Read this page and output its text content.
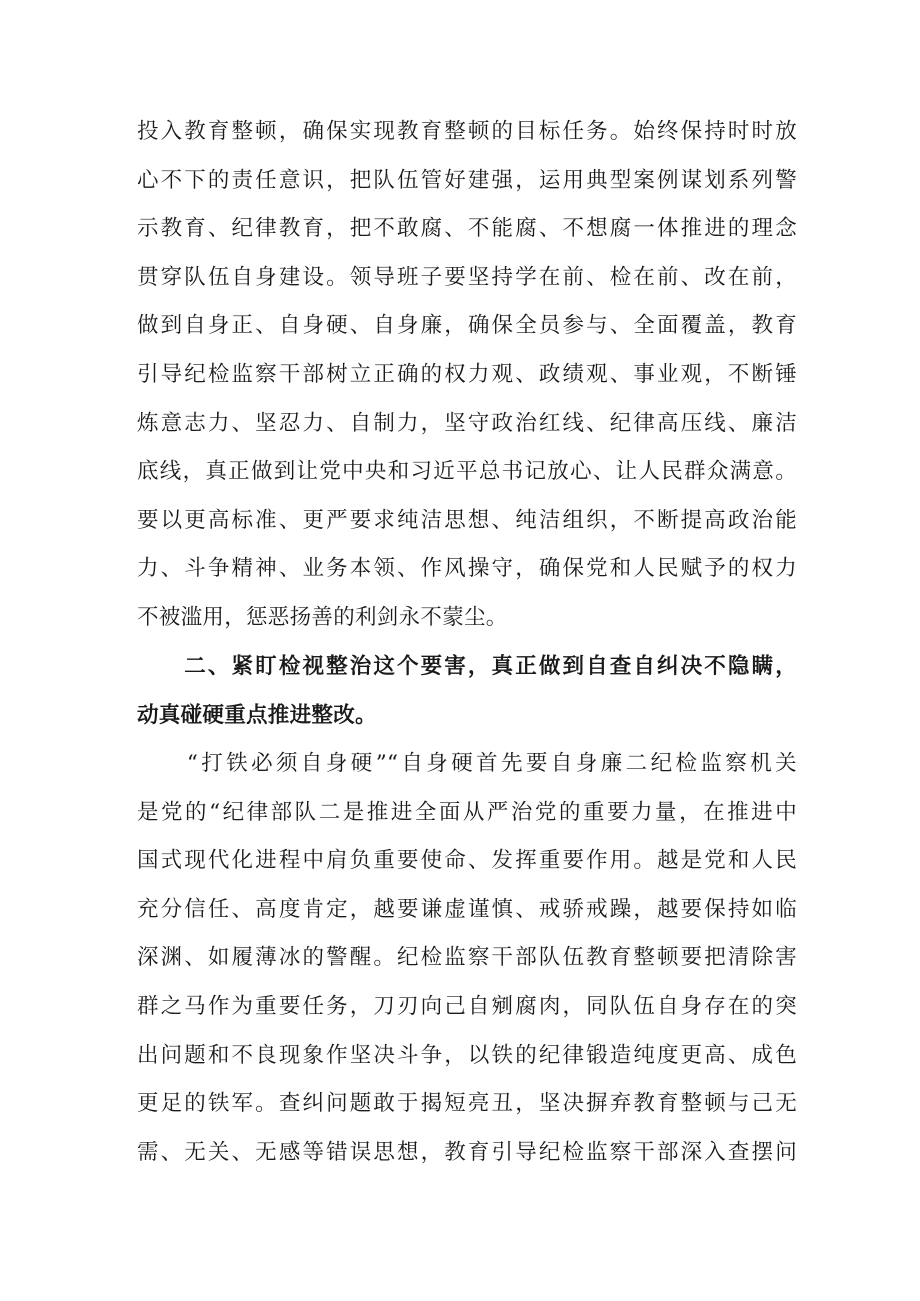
投入教育整顿，确保实现教育整顿的目标任务。始终保持时时放
心不下的责任意识，把队伍管好建强，运用典型案例谋划系列警
示教育、纪律教育，把不敢腐、不能腐、不想腐一体推进的理念
贯穿队伍自身建设。领导班子要坚持学在前、检在前、改在前，
做到自身正、自身硬、自身廉，确保全员参与、全面覆盖，教育
引导纪检监察干部树立正确的权力观、政绩观、事业观，不断锤
炼意志力、坚忍力、自制力，坚守政治红线、纪律高压线、廉洁
底线，真正做到让党中央和习近平总书记放心、让人民群众满意。
要以更高标准、更严要求纯洁思想、纯洁组织，不断提高政治能
力、斗争精神、业务本领、作风操守，确保党和人民赋予的权力
不被滥用，惩恶扬善的利剑永不蒙尘。
　　二、紧盯检视整治这个要害，真正做到自查自纠决不隐瞒，
动真碰硬重点推进整改。
　　“打铁必须自身硬”“自身硬首先要自身廉二纪检监察机关
是党的“纪律部队二是推进全面从严治党的重要力量，在推进中
国式现代化进程中肩负重要使命、发挥重要作用。越是党和人民
充分信任、高度肯定，越要谦虚谨慎、戒骄戒躁，越要保持如临
深渊、如履薄冰的警醒。纪检监察干部队伍教育整顿要把清除害
群之马作为重要任务，刀刃向己自剜腐肉，同队伍自身存在的突
出问题和不良现象作坚决斗争，以铁的纪律锻造纯度更高、成色
更足的铁军。查纠问题敢于揭短亮丑，坚决摒弃教育整顿与己无
需、无关、无感等错误思想，教育引导纪检监察干部深入查摆问
